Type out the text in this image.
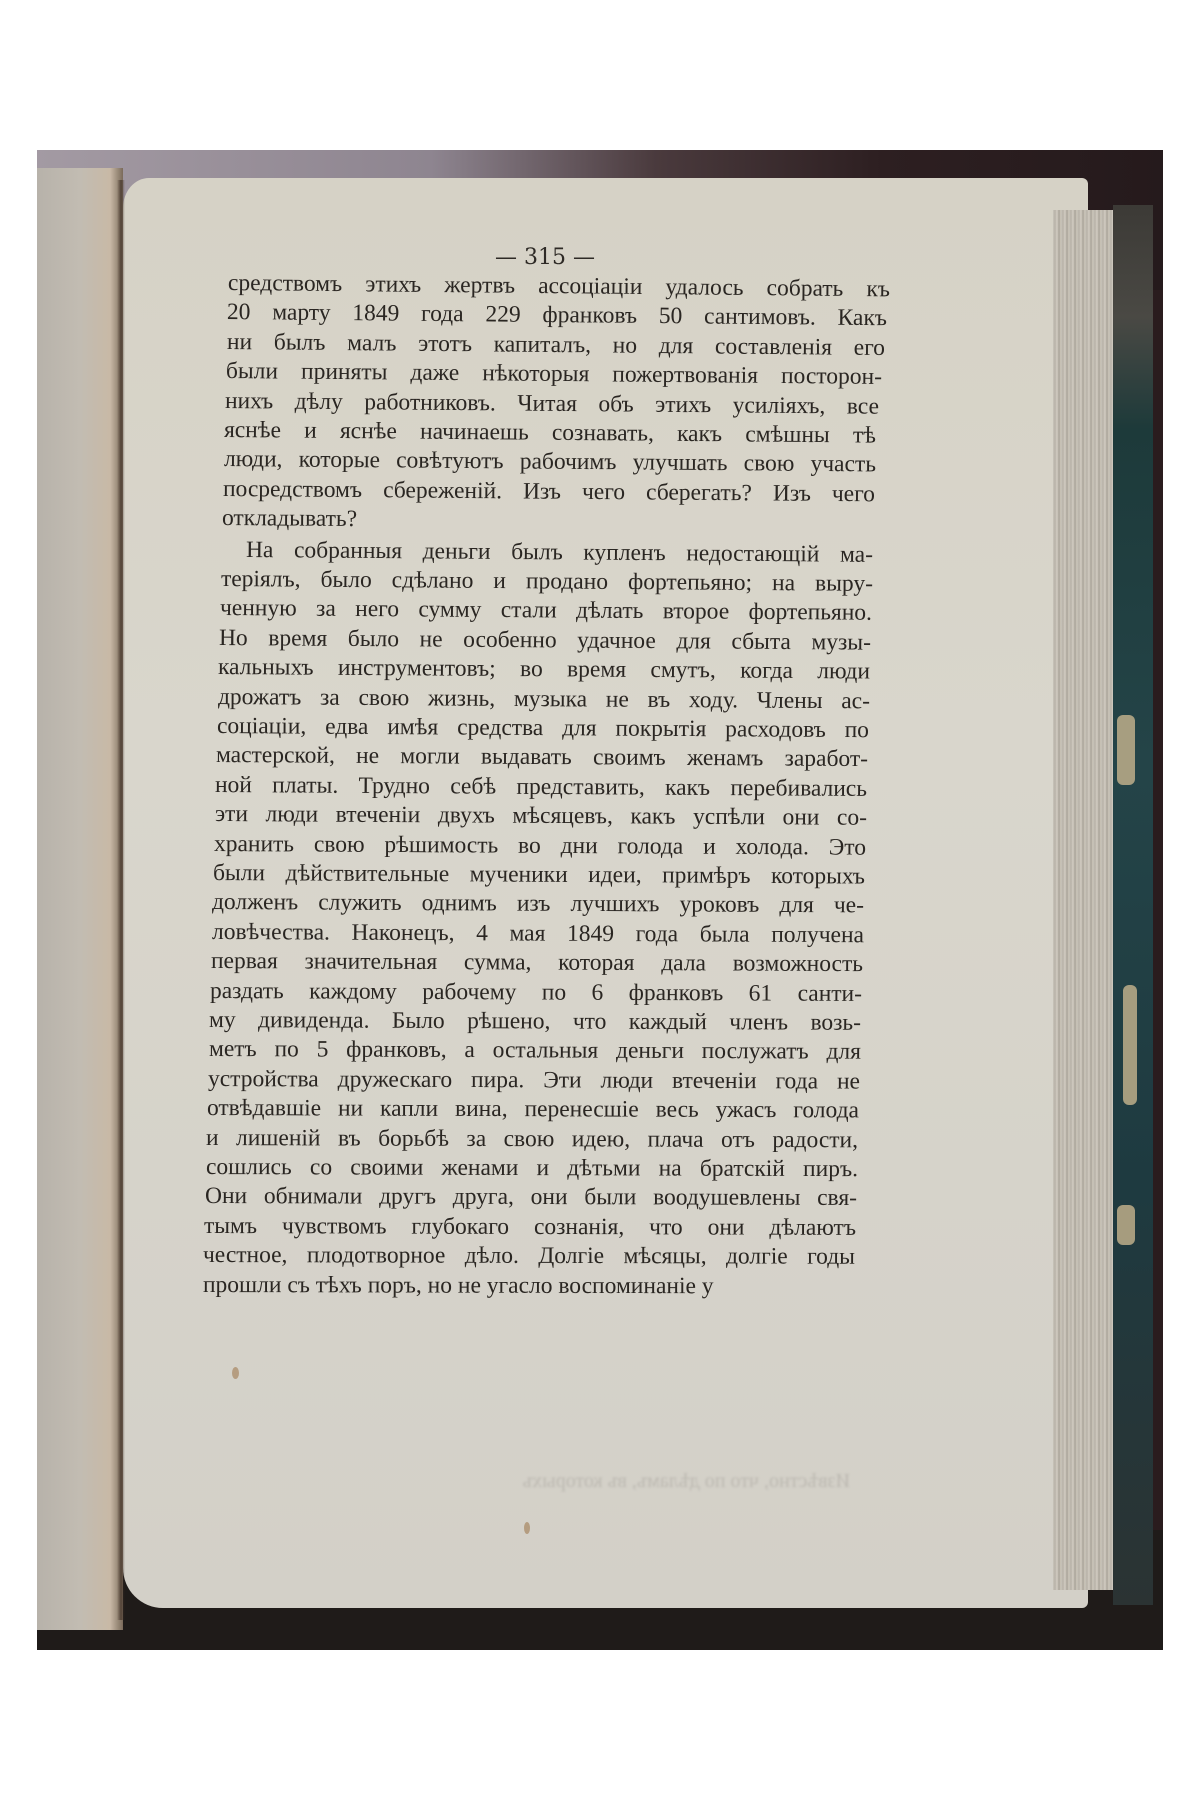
— 315 —
средствомъ этихъ жертвъ ассоціаціи удалось собрать къ
20 марту 1849 года 229 франковъ 50 сантимовъ. Какъ
ни былъ малъ этотъ капиталъ, но для составленія его
были приняты даже нѣкоторыя пожертвованія посторон-
нихъ дѣлу работниковъ. Читая объ этихъ усиліяхъ, все
яснѣе и яснѣе начинаешь сознавать, какъ смѣшны тѣ
люди, которые совѣтуютъ рабочимъ улучшать свою участь
посредствомъ сбереженій. Изъ чего сберегать? Изъ чего
откладывать?
На собранныя деньги былъ купленъ недостающій ма-
теріялъ, было сдѣлано и продано фортепьяно; на выру-
ченную за него сумму стали дѣлать второе фортепьяно.
Но время было не особенно удачное для сбыта музы-
кальныхъ инструментовъ; во время смутъ, когда люди
дрожатъ за свою жизнь, музыка не въ ходу. Члены ас-
соціаціи, едва имѣя средства для покрытія расходовъ по
мастерской, не могли выдавать своимъ женамъ заработ-
ной платы. Трудно себѣ представить, какъ перебивались
эти люди втеченіи двухъ мѣсяцевъ, какъ успѣли они со-
хранить свою рѣшимость во дни голода и холода. Это
были дѣйствительные мученики идеи, примѣръ которыхъ
долженъ служить однимъ изъ лучшихъ уроковъ для че-
ловѣчества. Наконецъ, 4 мая 1849 года была получена
первая значительная сумма, которая дала возможность
раздать каждому рабочему по 6 франковъ 61 санти-
му дивиденда. Было рѣшено, что каждый членъ возь-
метъ по 5 франковъ, а остальныя деньги послужатъ для
устройства дружескаго пира. Эти люди втеченіи года не
отвѣдавшіе ни капли вина, перенесшіе весь ужасъ голода
и лишеній въ борьбѣ за свою идею, плача отъ радости,
сошлись со своими женами и дѣтьми на братскій пиръ.
Они обнимали другъ друга, они были воодушевлены свя-
тымъ чувствомъ глубокаго сознанія, что они дѣлаютъ
честное, плодотворное дѣло. Долгіе мѣсяцы, долгіе годы
прошли съ тѣхъ поръ, но не угасло воспоминаніе у
Извѣстно, что по дѣламъ, въ которыхъ
